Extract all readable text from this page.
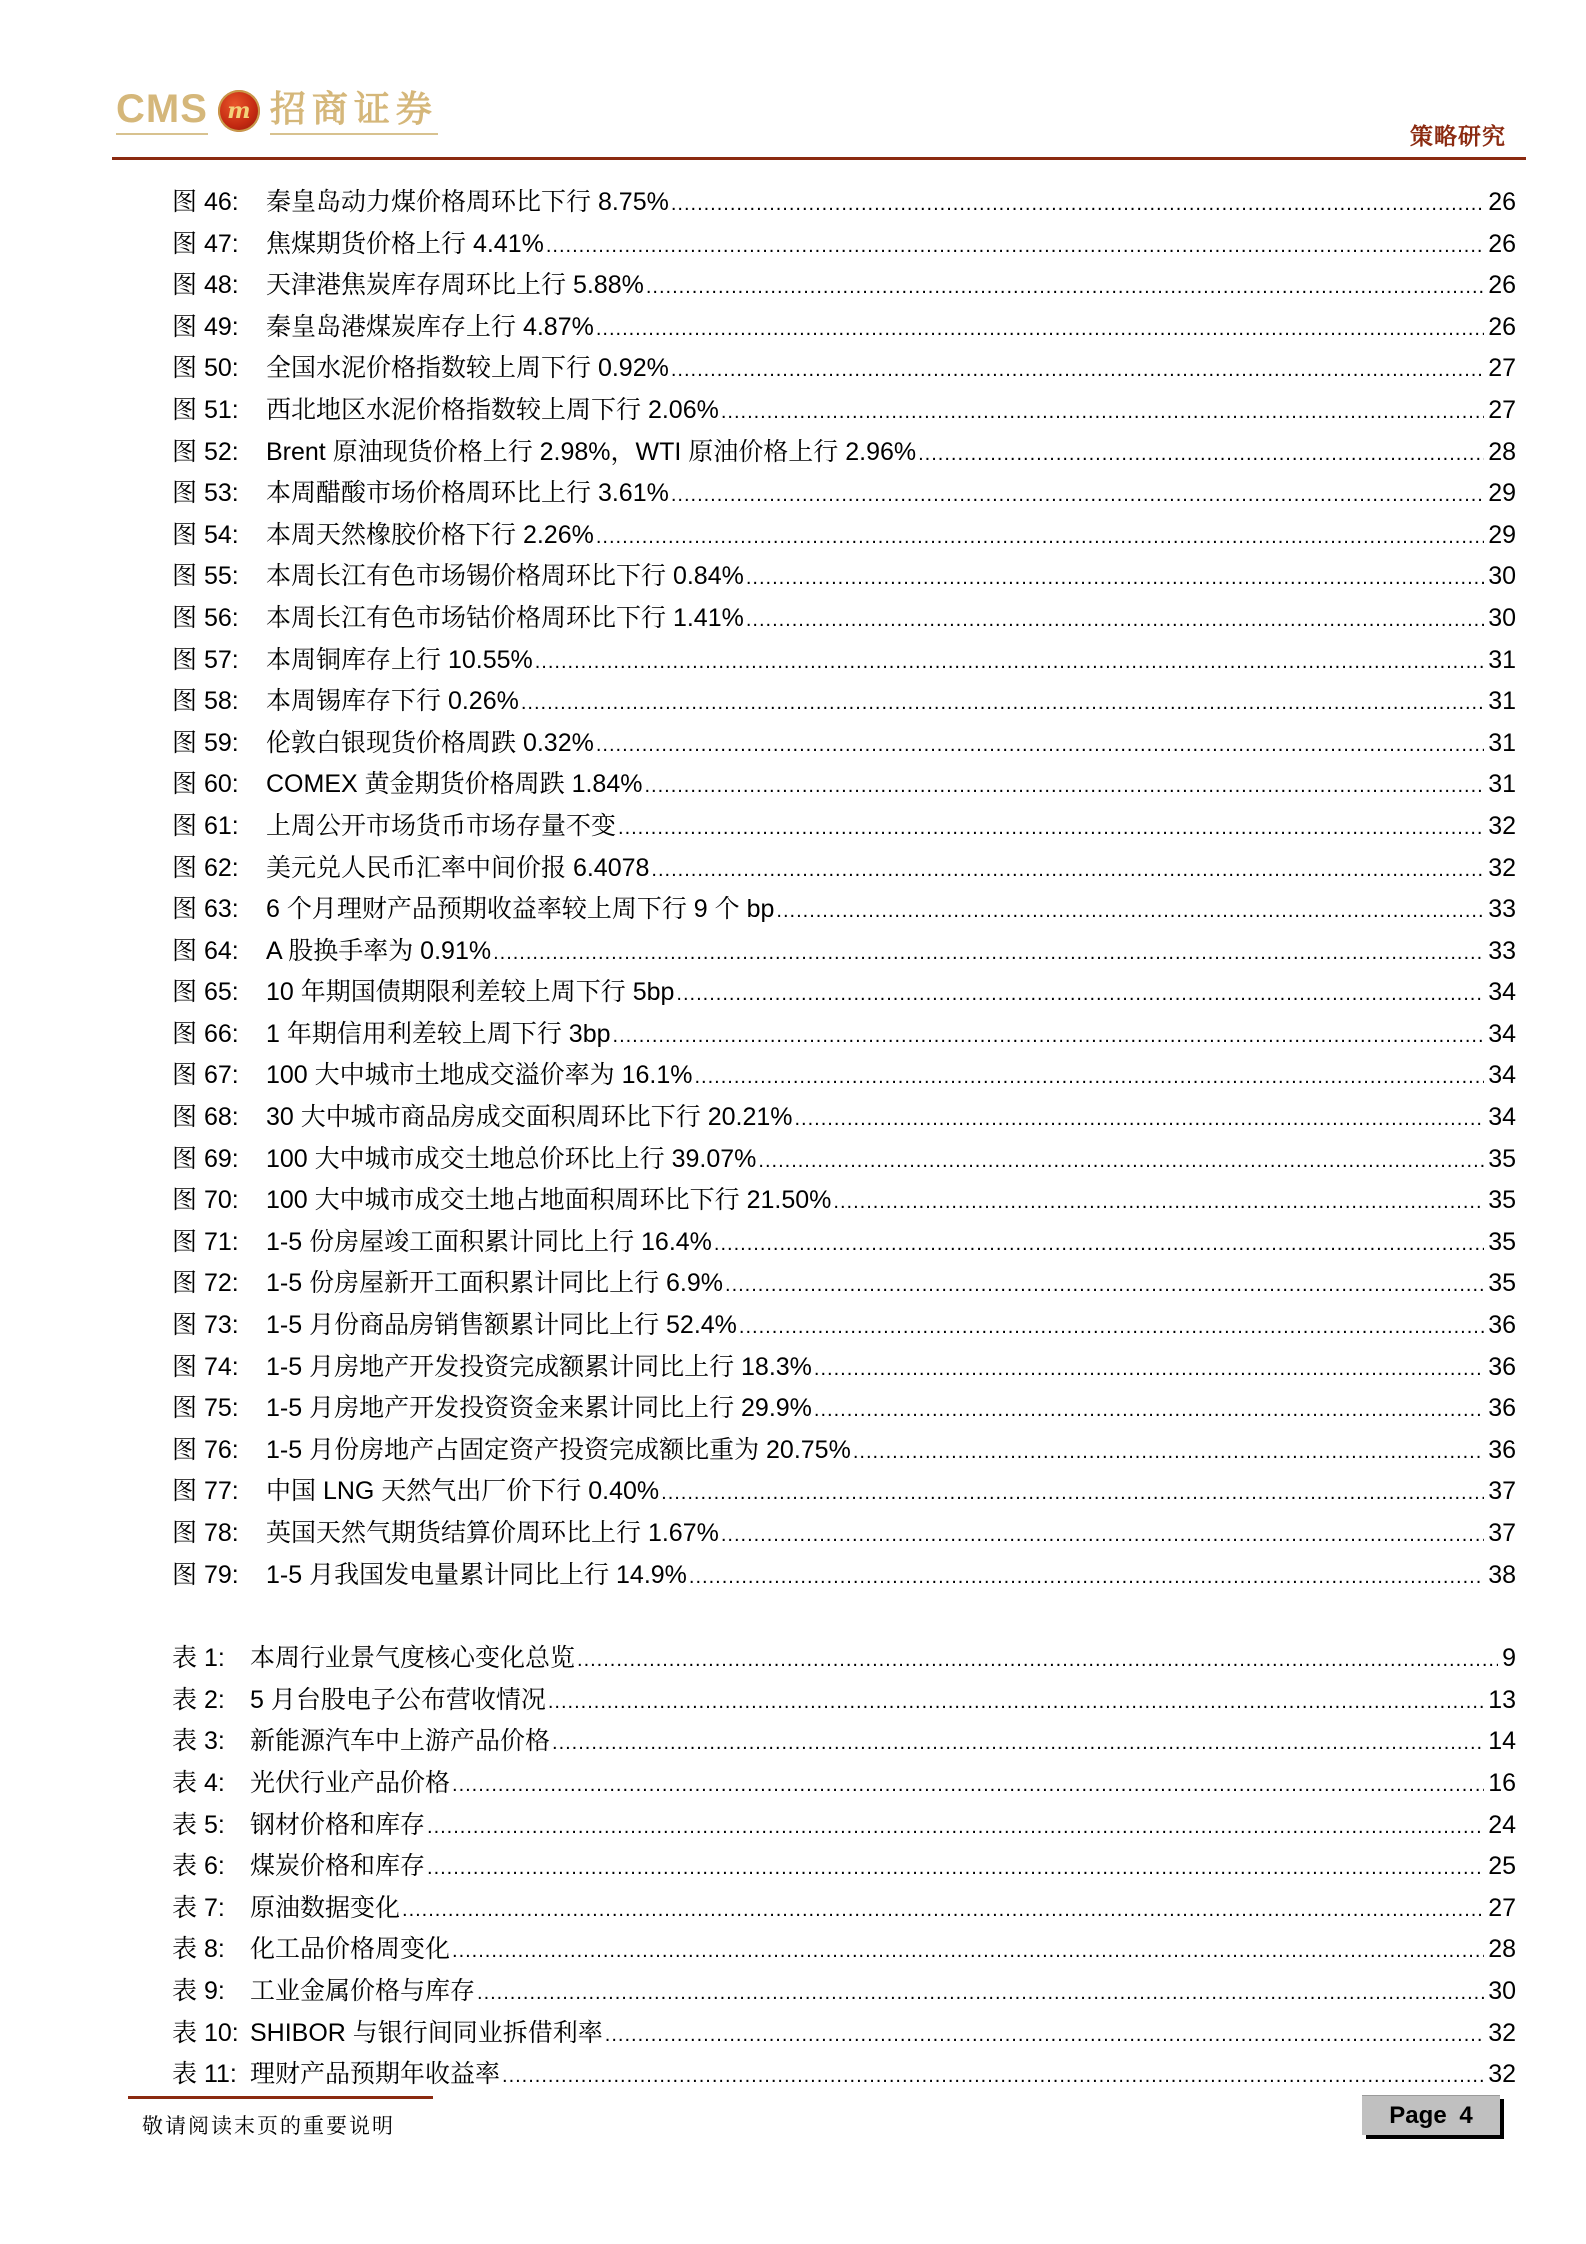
CMS m 招商证券
策略研究
图 46: 秦皇岛动力煤价格周环比下行 8.75% .....	26
图 47: 焦煤期货价格上行 4.41% .....	26
图 48: 天津港焦炭库存周环比上行 5.88% .....	26
图 49: 秦皇岛港煤炭库存上行 4.87% .....	26
图 50: 全国水泥价格指数较上周下行 0.92% .....	27
图 51: 西北地区水泥价格指数较上周下行 2.06% .....	27
图 52: Brent 原油现货价格上行 2.98%，WTI 原油价格上行 2.96% .....	28
图 53: 本周醋酸市场价格周环比上行 3.61% .....	29
图 54: 本周天然橡胶价格下行 2.26% .....	29
图 55: 本周长江有色市场锡价格周环比下行 0.84% .....	30
图 56: 本周长江有色市场钴价格周环比下行 1.41% .....	30
图 57: 本周铜库存上行 10.55% .....	31
图 58: 本周锡库存下行 0.26% .....	31
图 59: 伦敦白银现货价格周跌 0.32% .....	31
图 60: COMEX 黄金期货价格周跌 1.84% .....	31
图 61: 上周公开市场货币市场存量不变 .....	32
图 62: 美元兑人民币汇率中间价报 6.4078 .....	32
图 63: 6 个月理财产品预期收益率较上周下行 9 个 bp .....	33
图 64: A 股换手率为 0.91% .....	33
图 65: 10 年期国债期限利差较上周下行 5bp .....	34
图 66: 1 年期信用利差较上周下行 3bp .....	34
图 67: 100 大中城市土地成交溢价率为 16.1% .....	34
图 68: 30 大中城市商品房成交面积周环比下行 20.21% .....	34
图 69: 100 大中城市成交土地总价环比上行 39.07% .....	35
图 70: 100 大中城市成交土地占地面积周环比下行 21.50% .....	35
图 71: 1-5 份房屋竣工面积累计同比上行 16.4% .....	35
图 72: 1-5 份房屋新开工面积累计同比上行 6.9% .....	35
图 73: 1-5 月份商品房销售额累计同比上行 52.4% .....	36
图 74: 1-5 月房地产开发投资完成额累计同比上行 18.3% .....	36
图 75: 1-5 月房地产开发投资资金来累计同比上行 29.9% .....	36
图 76: 1-5 月份房地产占固定资产投资完成额比重为 20.75% .....	36
图 77: 中国 LNG 天然气出厂价下行 0.40% .....	37
图 78: 英国天然气期货结算价周环比上行 1.67% .....	37
图 79: 1-5 月我国发电量累计同比上行 14.9% .....	38
表 1: 本周行业景气度核心变化总览 .....	9
表 2: 5 月台股电子公布营收情况 .....	13
表 3: 新能源汽车中上游产品价格 .....	14
表 4: 光伏行业产品价格 .....	16
表 5: 钢材价格和库存 .....	24
表 6: 煤炭价格和库存 .....	25
表 7: 原油数据变化 .....	27
表 8: 化工品价格周变化 .....	28
表 9: 工业金属价格与库存 .....	30
表 10: SHIBOR 与银行间同业拆借利率 .....	32
表 11: 理财产品预期年收益率 .....	32
敬请阅读末页的重要说明	Page 4
